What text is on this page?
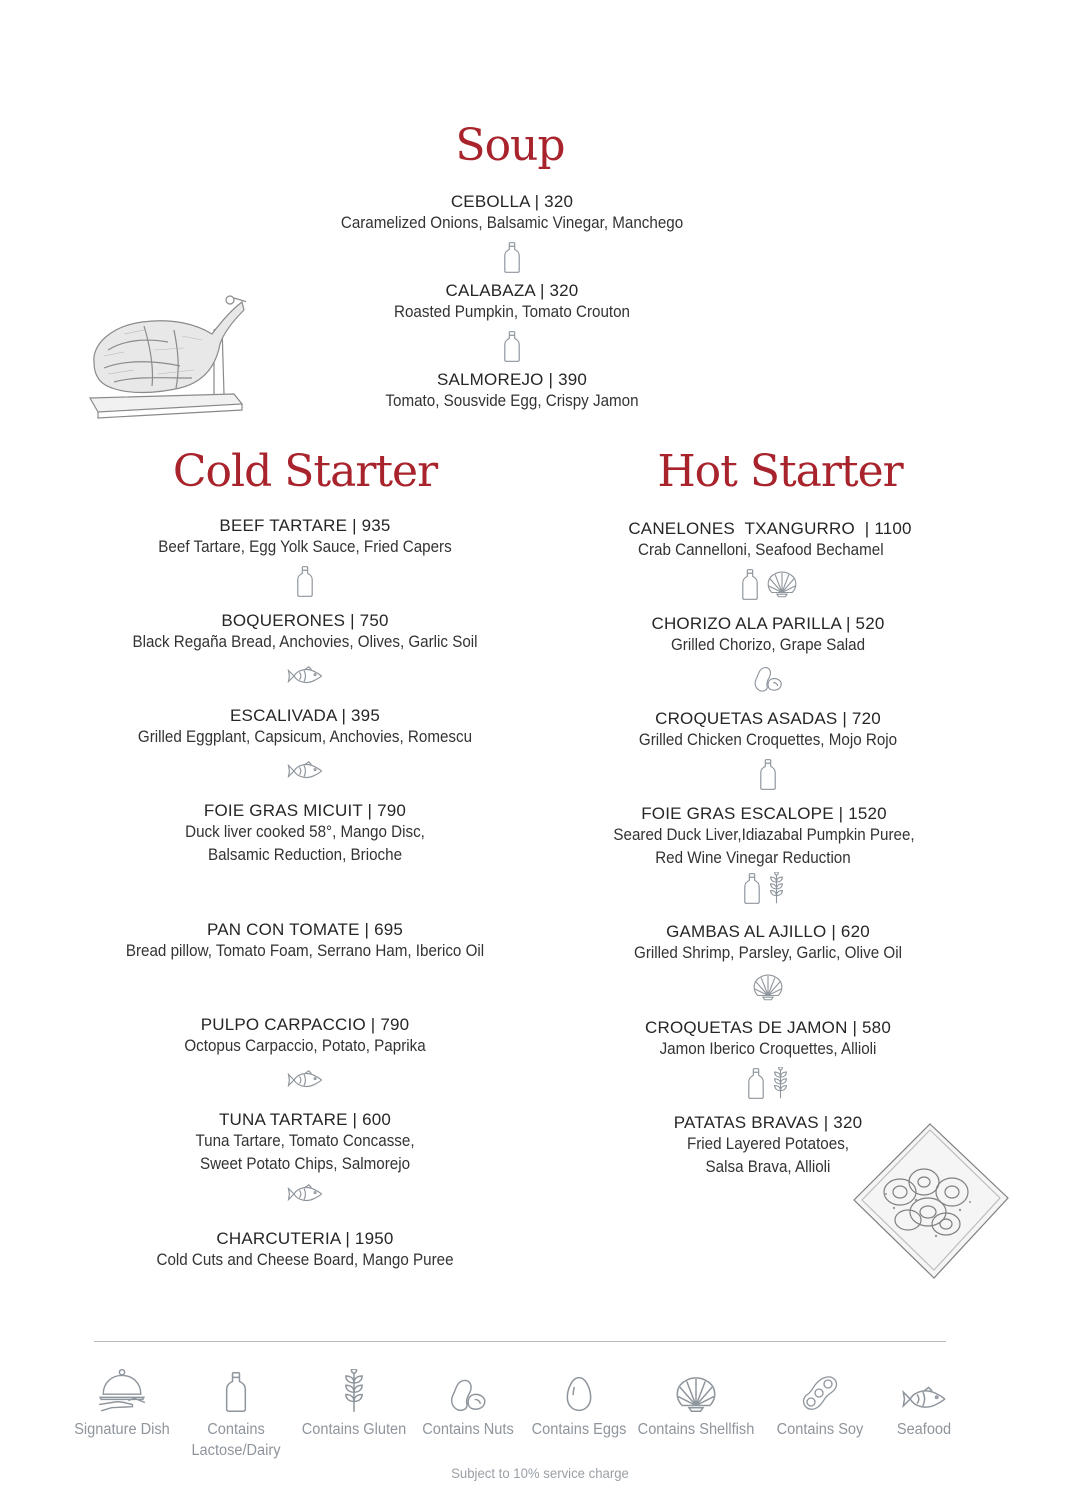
Soup
Cold Starter	Hot Starter
CEBOLLA | 320
Caramelized Onions, Balsamic Vinegar, Manchego
CALABAZA | 320
Roasted Pumpkin, Tomato Crouton
SALMOREJO | 390
Tomato, Sousvide Egg, Crispy Jamon
BEEF TARTARE | 935
Beef Tartare, Egg Yolk Sauce, Fried Capers
BOQUERONES | 750
Black Regaña Bread, Anchovies, Olives, Garlic Soil
ESCALIVADA | 395
Grilled Eggplant, Capsicum, Anchovies, Romescu
FOIE GRAS MICUIT | 790
Duck liver cooked 58°, Mango Disc,
Balsamic Reduction, Brioche
PAN CON TOMATE | 695
Bread pillow, Tomato Foam, Serrano Ham, Iberico Oil
PULPO CARPACCIO | 790
Octopus Carpaccio, Potato, Paprika
TUNA TARTARE | 600
Tuna Tartare, Tomato Concasse,
Sweet Potato Chips, Salmorejo
CHARCUTERIA | 1950
Cold Cuts and Cheese Board, Mango Puree
CANELONES  TXANGURRO  | 1100
Crab Cannelloni, Seafood Bechamel
CHORIZO ALA PARILLA | 520
Grilled Chorizo, Grape Salad
CROQUETAS ASADAS | 720
Grilled Chicken Croquettes, Mojo Rojo
FOIE GRAS ESCALOPE | 1520
Seared Duck Liver,Idiazabal Pumpkin Puree,
Red Wine Vinegar Reduction
GAMBAS AL AJILLO | 620
Grilled Shrimp, Parsley, Garlic, Olive Oil
CROQUETAS DE JAMON | 580
Jamon Iberico Croquettes, Allioli
PATATAS BRAVAS | 320
Fried Layered Potatoes,
Salsa Brava, Allioli
Signature Dish	Contains
Lactose/Dairy
Contains Gluten	Contains Nuts	Contains Eggs Contains Shellfish	Contains Soy	Seafood
Subject to 10% service charge
